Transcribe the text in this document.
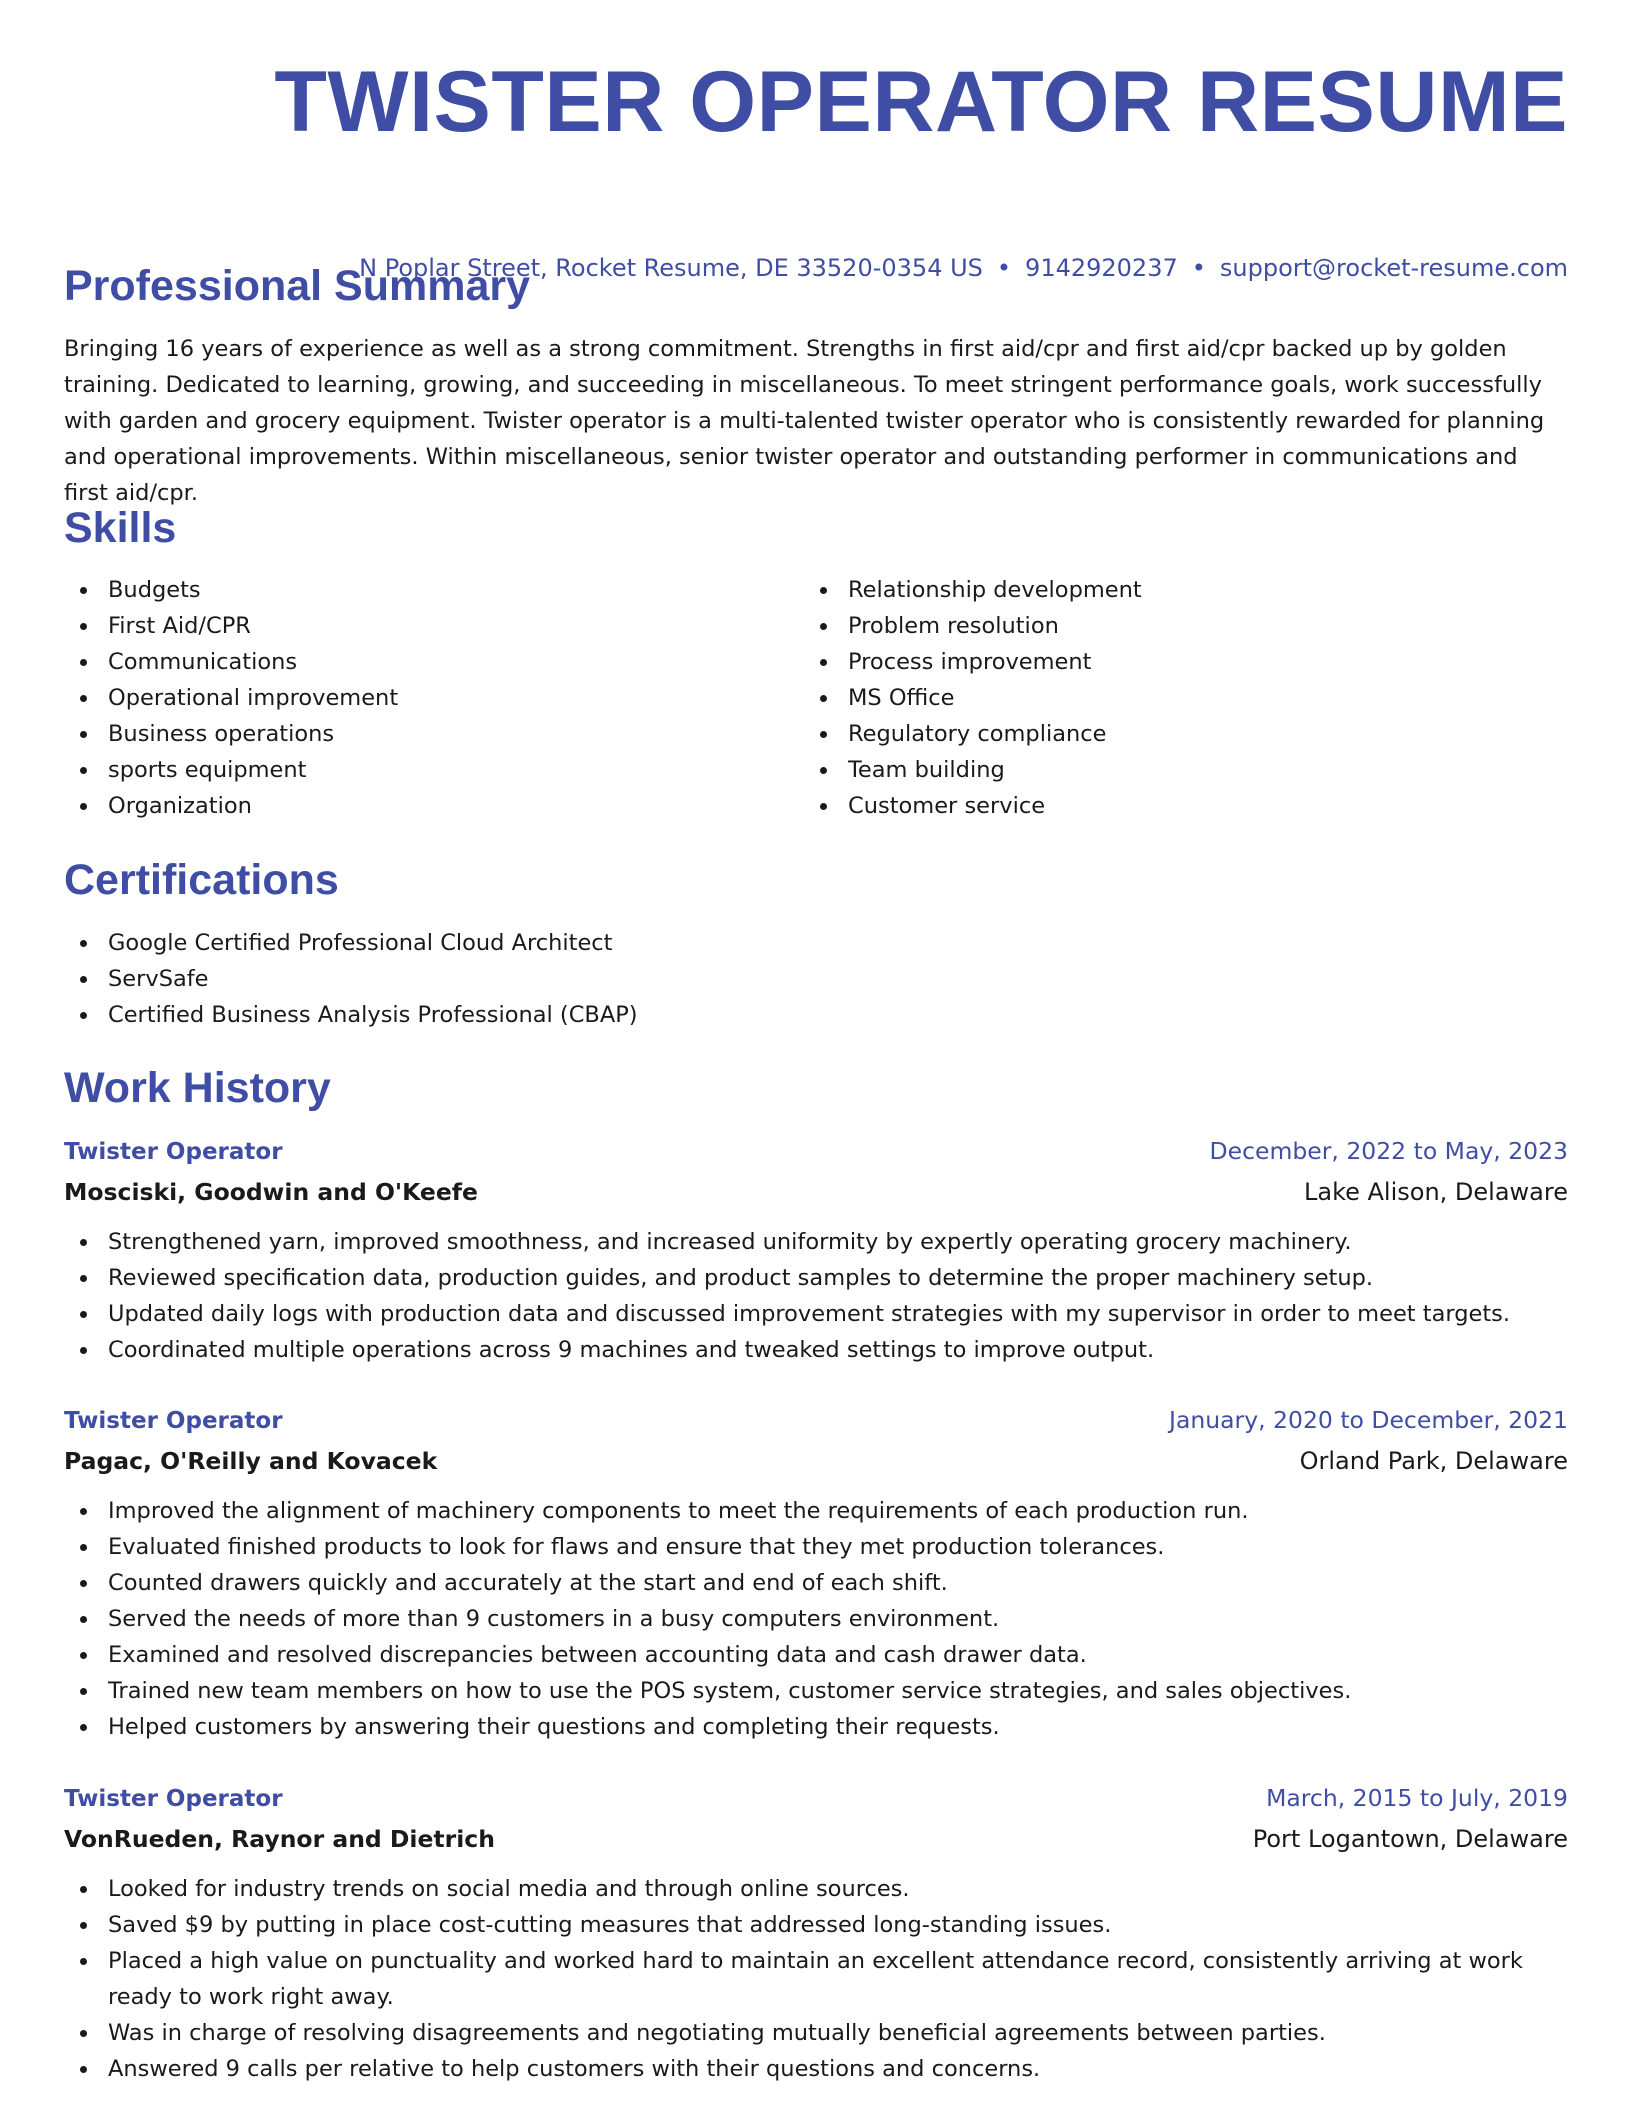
TWISTER OPERATOR RESUME
N Poplar Street, Rocket Resume, DE 33520-0354 US • 9142920237 • support@rocket-resume.com
Professional Summary

Bringing 16 years of experience as well as a strong commitment. Strengths in first aid/cpr and first aid/cpr backed up by golden training. Dedicated to learning, growing, and succeeding in miscellaneous. To meet stringent performance goals, work successfully with garden and grocery equipment. Twister operator is a multi-talented twister operator who is consistently rewarded for planning and operational improvements. Within miscellaneous, senior twister operator and outstanding performer in communications and first aid/cpr.

Skills
Budgets
First Aid/CPR
Communications
Operational improvement
Business operations
sports equipment
Organization
Relationship development
Problem resolution
Process improvement
MS Office
Regulatory compliance
Team building
Customer service
Certifications
Google Certified Professional Cloud Architect
ServSafe
Certified Business Analysis Professional (CBAP)
Work History
Twister Operator	December, 2022 to May, 2023
Mosciski, Goodwin and O'Keefe	Lake Alison, Delaware
Strengthened yarn, improved smoothness, and increased uniformity by expertly operating grocery machinery.
Reviewed specification data, production guides, and product samples to determine the proper machinery setup.
Updated daily logs with production data and discussed improvement strategies with my supervisor in order to meet targets.
Coordinated multiple operations across 9 machines and tweaked settings to improve output.
Twister Operator	January, 2020 to December, 2021
Pagac, O'Reilly and Kovacek	Orland Park, Delaware
Improved the alignment of machinery components to meet the requirements of each production run.
Evaluated finished products to look for flaws and ensure that they met production tolerances.
Counted drawers quickly and accurately at the start and end of each shift.
Served the needs of more than 9 customers in a busy computers environment.
Examined and resolved discrepancies between accounting data and cash drawer data.
Trained new team members on how to use the POS system, customer service strategies, and sales objectives.
Helped customers by answering their questions and completing their requests.
Twister Operator	March, 2015 to July, 2019
VonRueden, Raynor and Dietrich	Port Logantown, Delaware
Looked for industry trends on social media and through online sources.
Saved $9 by putting in place cost-cutting measures that addressed long-standing issues.
Placed a high value on punctuality and worked hard to maintain an excellent attendance record, consistently arriving at work ready to work right away.
Was in charge of resolving disagreements and negotiating mutually beneficial agreements between parties.
Answered 9 calls per relative to help customers with their questions and concerns.
